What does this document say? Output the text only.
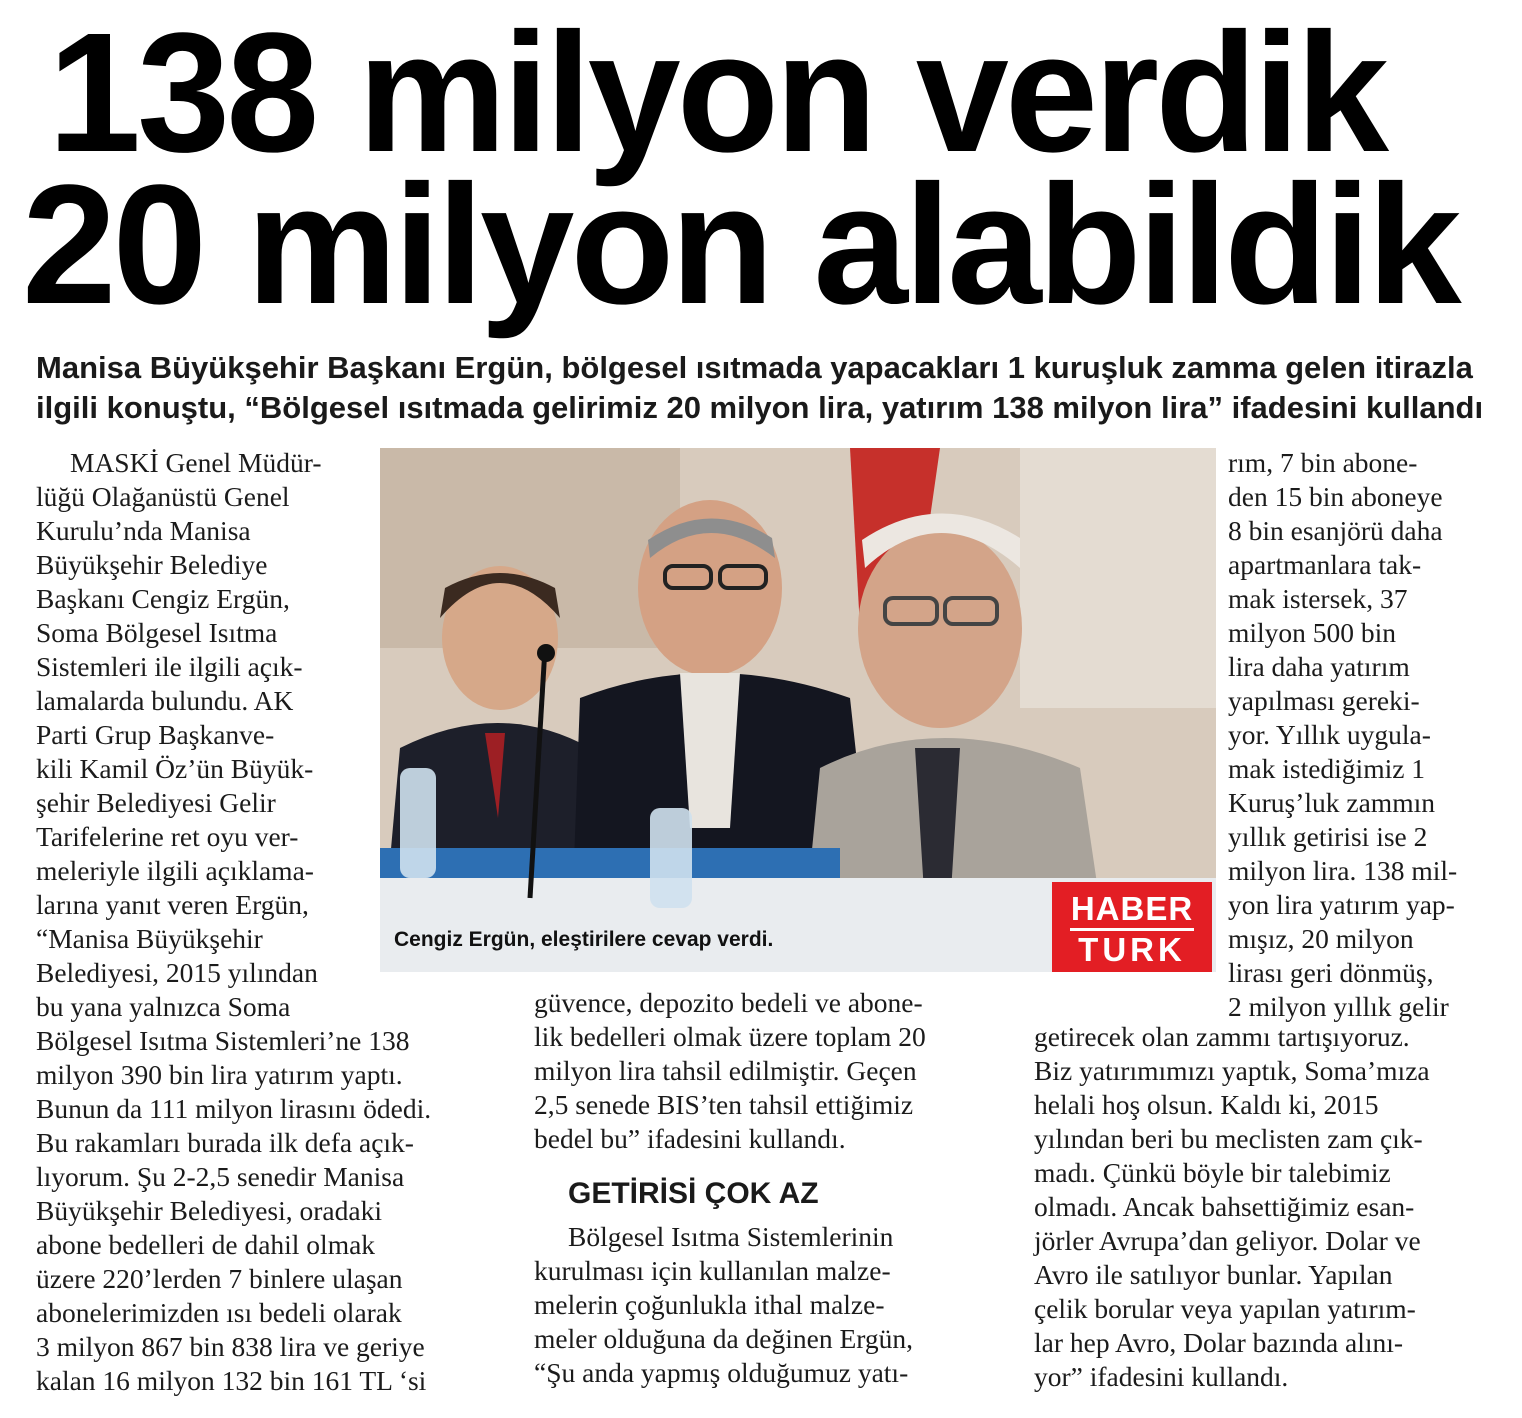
138 milyon verdik
20 milyon alabildik

Manisa Büyükşehir Başkanı Ergün, bölgesel ısıtmada yapacakları 1 kuruşluk zamma gelen itirazla

ilgili konuştu, “Bölgesel ısıtmada gelirimiz 20 milyon lira, yatırım 138 milyon lira” ifadesini kullandı

MASKİ Genel Müdür-
lüğü Olağanüstü Genel
Kurulu’nda Manisa
Büyükşehir Belediye
Başkanı Cengiz Ergün,
Soma Bölgesel Isıtma
Sistemleri ile ilgili açık-
lamalarda bulundu. AK
Parti Grup Başkanve-
kili Kamil Öz’ün Büyük-
şehir Belediyesi Gelir
Tarifelerine ret oyu ver-
meleriyle ilgili açıklama-
larına yanıt veren Ergün,
“Manisa Büyükşehir
Belediyesi, 2015 yılından
bu yana yalnızca Soma
Bölgesel Isıtma Sistemleri’ne 138
milyon 390 bin lira yatırım yaptı.
Bunun da 111 milyon lirasını ödedi.
Bu rakamları burada ilk defa açık-
lıyorum. Şu 2-2,5 senedir Manisa
Büyükşehir Belediyesi, oradaki
abone bedelleri de dahil olmak
üzere 220’lerden 7 binlere ulaşan
abonelerimizden ısı bedeli olarak
3 milyon 867 bin 838 lira ve geriye
kalan 16 milyon 132 bin 161 TL ‘si
Cengiz Ergün, eleştirilere cevap verdi.
HABER
TURK
güvence, depozito bedeli ve abone-
lik bedelleri olmak üzere toplam 20
milyon lira tahsil edilmiştir. Geçen
2,5 senede BIS’ten tahsil ettiğimiz
bedel bu” ifadesini kullandı.
GETİRİSİ ÇOK AZ
Bölgesel Isıtma Sistemlerinin
kurulması için kullanılan malze-
melerin çoğunlukla ithal malze-
meler olduğuna da değinen Ergün,
“Şu anda yapmış olduğumuz yatı-
rım, 7 bin abone-
den 15 bin aboneye
8 bin esanjörü daha
apartmanlara tak-
mak istersek, 37
milyon 500 bin
lira daha yatırım
yapılması gereki-
yor. Yıllık uygula-
mak istediğimiz 1
Kuruş’luk zammın
yıllık getirisi ise 2
milyon lira. 138 mil-
yon lira yatırım yap-
mışız, 20 milyon
lirası geri dönmüş,
2 milyon yıllık gelir
getirecek olan zammı tartışıyoruz.
Biz yatırımımızı yaptık, Soma’mıza
helali hoş olsun. Kaldı ki, 2015
yılından beri bu meclisten zam çık-
madı. Çünkü böyle bir talebimiz
olmadı. Ancak bahsettiğimiz esan-
jörler Avrupa’dan geliyor. Dolar ve
Avro ile satılıyor bunlar. Yapılan
çelik borular veya yapılan yatırım-
lar hep Avro, Dolar bazında alını-
yor” ifadesini kullandı.
